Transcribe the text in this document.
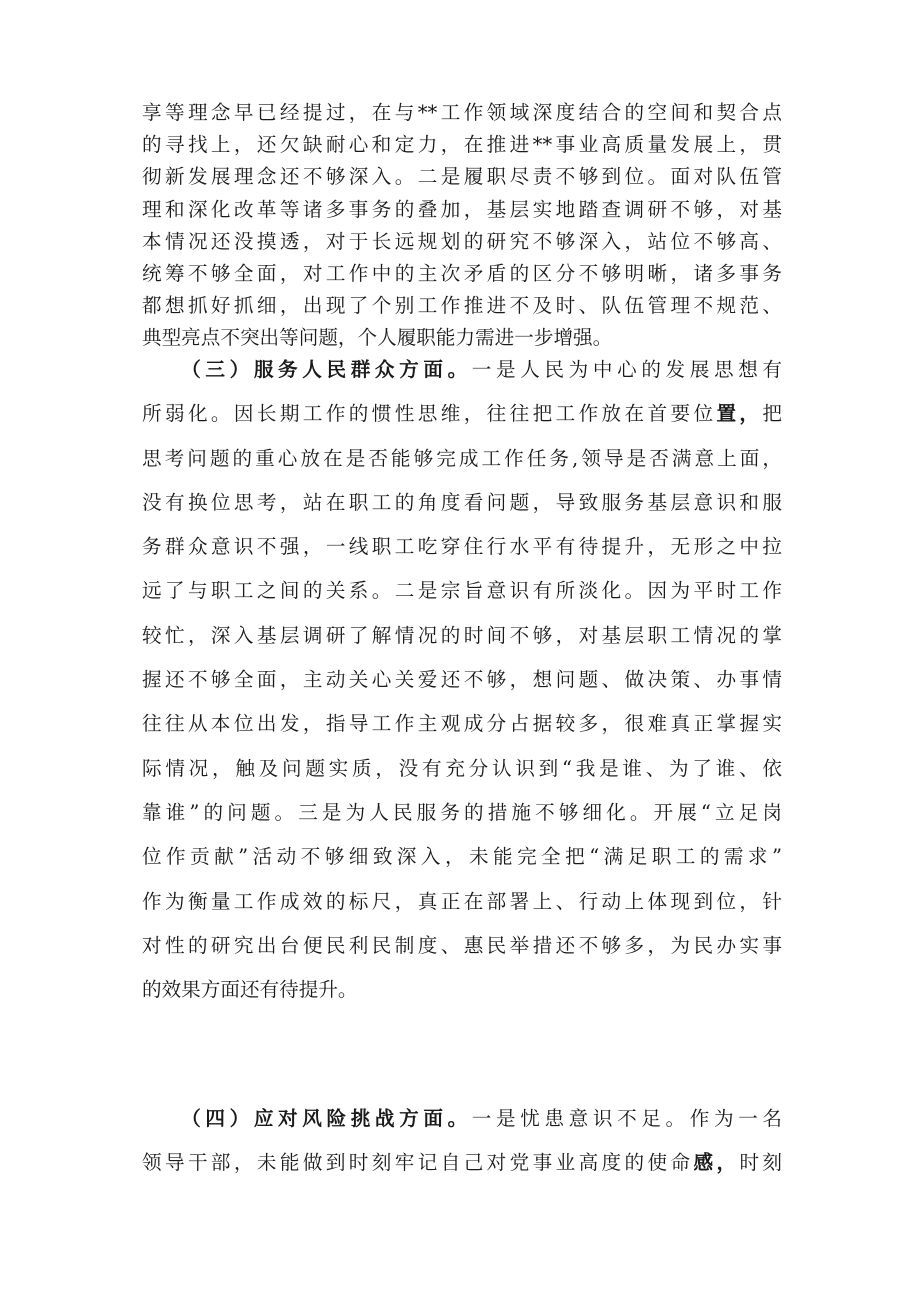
享等理念早已经提过，在与**工作领域深度结合的空间和契合点
的寻找上，还欠缺耐心和定力，在推进**事业高质量发展上，贯
彻新发展理念还不够深入。二是履职尽责不够到位。面对队伍管
理和深化改革等诸多事务的叠加，基层实地踏查调研不够，对基
本情况还没摸透，对于长远规划的研究不够深入，站位不够高、
统筹不够全面，对工作中的主次矛盾的区分不够明晰，诸多事务
都想抓好抓细，出现了个别工作推进不及时、队伍管理不规范、
典型亮点不突出等问题，个人履职能力需进一步增强。
（三）服务人民群众方面。一是人民为中心的发展思想有
所弱化。因长期工作的惯性思维，往往把工作放在首要位置，把
思考问题的重心放在是否能够完成工作任务,领导是否满意上面，
没有换位思考，站在职工的角度看问题，导致服务基层意识和服
务群众意识不强，一线职工吃穿住行水平有待提升，无形之中拉
远了与职工之间的关系。二是宗旨意识有所淡化。因为平时工作
较忙，深入基层调研了解情况的时间不够，对基层职工情况的掌
握还不够全面，主动关心关爱还不够，想问题、做决策、办事情
往往从本位出发，指导工作主观成分占据较多，很难真正掌握实
际情况，触及问题实质，没有充分认识到“我是谁、为了谁、依
靠谁”的问题。三是为人民服务的措施不够细化。开展“立足岗
位作贡献”活动不够细致深入，未能完全把“满足职工的需求”
作为衡量工作成效的标尺，真正在部署上、行动上体现到位，针
对性的研究出台便民利民制度、惠民举措还不够多，为民办实事
的效果方面还有待提升。
（四）应对风险挑战方面。一是忧患意识不足。作为一名
领导干部，未能做到时刻牢记自己对党事业高度的使命感，时刻
